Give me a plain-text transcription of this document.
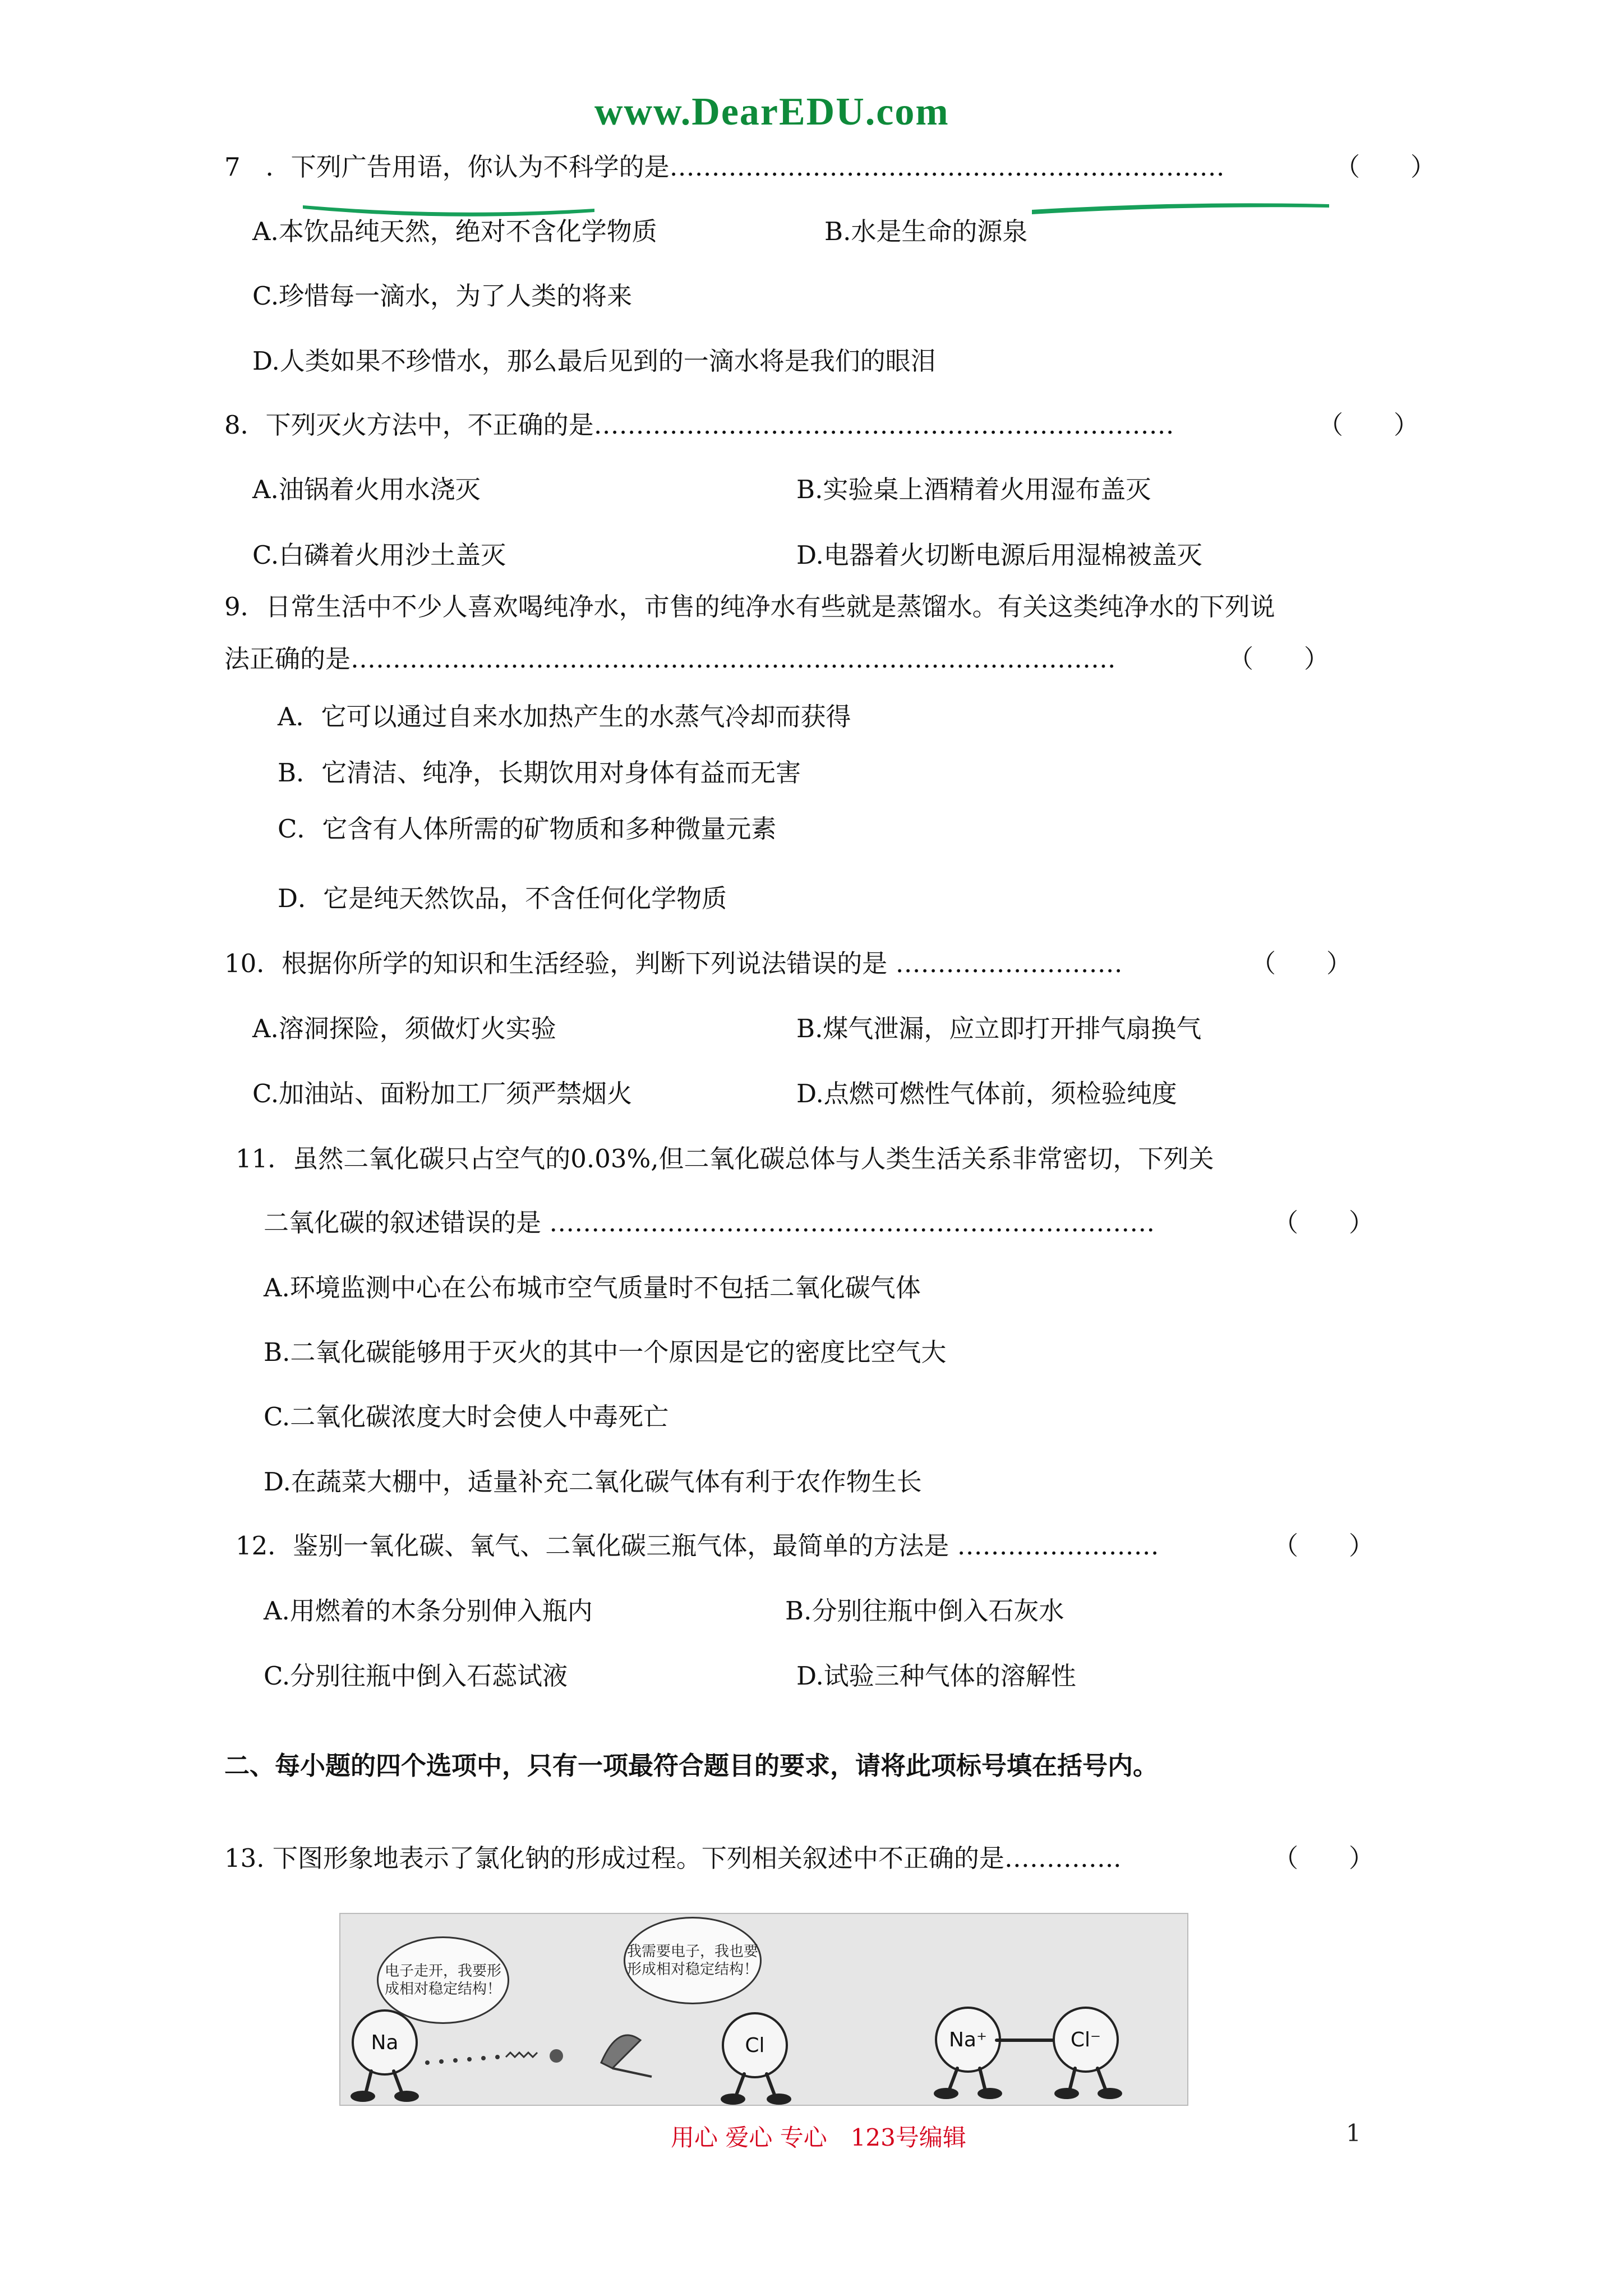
www.DearEDU.com
7　．下列广告用语，你认为不科学的是…………………………………………………………	（　　）
A.本饮品纯天然，绝对不含化学物质	B.水是生命的源泉
C.珍惜每一滴水，为了人类的将来
D.人类如果不珍惜水，那么最后见到的一滴水将是我们的眼泪
8．下列灭火方法中，不正确的是……………………………………………………………	（　　）
A.油锅着火用水浇灭	B.实验桌上酒精着火用湿布盖灭
C.白磷着火用沙土盖灭	D.电器着火切断电源后用湿棉被盖灭
9．日常生活中不少人喜欢喝纯净水，市售的纯净水有些就是蒸馏水。有关这类纯净水的下列说
法正确的是……………………………………………………………………………….	（　　）
A．它可以通过自来水加热产生的水蒸气冷却而获得
B．它清洁、纯净，长期饮用对身体有益而无害
C．它含有人体所需的矿物质和多种微量元素
D．它是纯天然饮品，不含任何化学物质
10．根据你所学的知识和生活经验，判断下列说法错误的是 ………………………	（　　）
A.溶洞探险，须做灯火实验	B.煤气泄漏，应立即打开排气扇换气
C.加油站、面粉加工厂须严禁烟火	D.点燃可燃性气体前，须检验纯度
11．虽然二氧化碳只占空气的0.03%,但二氧化碳总体与人类生活关系非常密切，下列关
二氧化碳的叙述错误的是 ………………………………………………………………	（　　）
A.环境监测中心在公布城市空气质量时不包括二氧化碳气体
B.二氧化碳能够用于灭火的其中一个原因是它的密度比空气大
C.二氧化碳浓度大时会使人中毒死亡
D.在蔬菜大棚中，适量补充二氧化碳气体有利于农作物生长
12．鉴别一氧化碳、氧气、二氧化碳三瓶气体，最简单的方法是 ……………………	（　　）
A.用燃着的木条分别伸入瓶内	B.分别往瓶中倒入石灰水
C.分别往瓶中倒入石蕊试液	D.试验三种气体的溶解性
二、每小题的四个选项中，只有一项最符合题目的要求，请将此项标号填在括号内。
13. 下图形象地表示了氯化钠的形成过程。下列相关叙述中不正确的是…………..	（　　）
电子走开，我要形成相对稳定结构！
我需要电子，我也要形成相对稳定结构！
Na	Cl	Na⁺	Cl⁻
用心 爱心 专心　123号编辑	1
